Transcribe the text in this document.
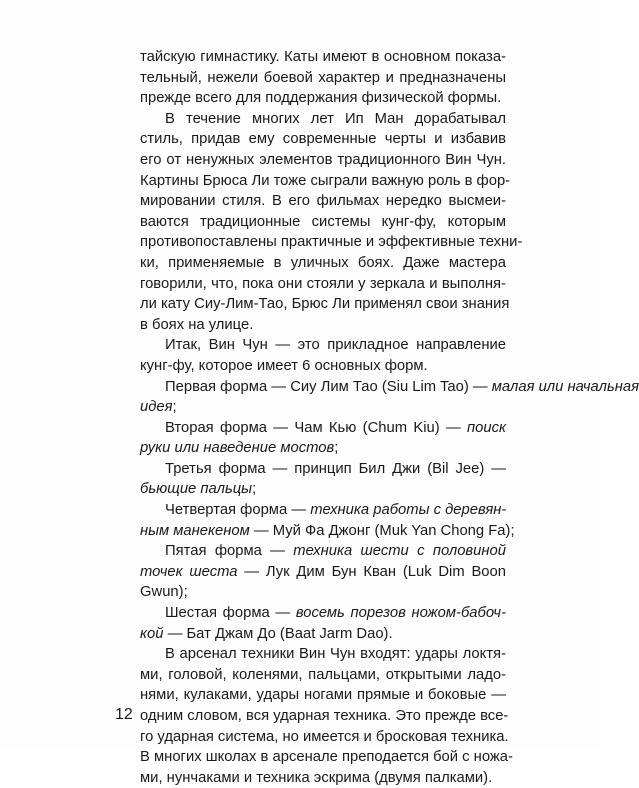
тайскую гимнастику. Каты имеют в основном показа-
тельный, нежели боевой характер и предназначены
прежде всего для поддержания физической формы.
В течение многих лет Ип Ман дорабатывал
стиль, придав ему современные черты и избавив
его от ненужных элементов традиционного Вин Чун.
Картины Брюса Ли тоже сыграли важную роль в фор-
мировании стиля. В его фильмах нередко высмеи-
ваются традиционные системы кунг-фу, которым
противопоставлены практичные и эффективные техни-
ки, применяемые в уличных боях. Даже мастера
говорили, что, пока они стояли у зеркала и выполня-
ли кату Сиу-Лим-Тао, Брюс Ли применял свои знания
в боях на улице.
Итак, Вин Чун — это прикладное направление
кунг-фу, которое имеет 6 основных форм.
Первая форма — Сиу Лим Тао (Siu Lim Tao) — малая или начальная
идея;
Вторая форма — Чам Кью (Chum Kiu) — поиск
руки или наведение мостов;
Третья форма — принцип Бил Джи (Bil Jee) —
бьющие пальцы;
Четвертая форма — техника работы с деревян-
ным манекеном — Муй Фа Джонг (Muk Yan Chong Fa);
Пятая форма — техника шести с половиной
точек шеста — Лук Дим Бун Кван (Luk Dim Boon
Gwun);
Шестая форма — восемь порезов ножом-бабоч-
кой — Бат Джам До (Baat Jarm Dao).
В арсенал техники Вин Чун входят: удары локтя-
ми, головой, коленями, пальцами, открытыми ладо-
нями, кулаками, удары ногами прямые и боковые —
одним словом, вся ударная техника. Это прежде все-
го ударная система, но имеется и бросковая техника.
В многих школах в арсенале преподается бой с ножа-
ми, нунчаками и техника эскрима (двумя палками).
12
